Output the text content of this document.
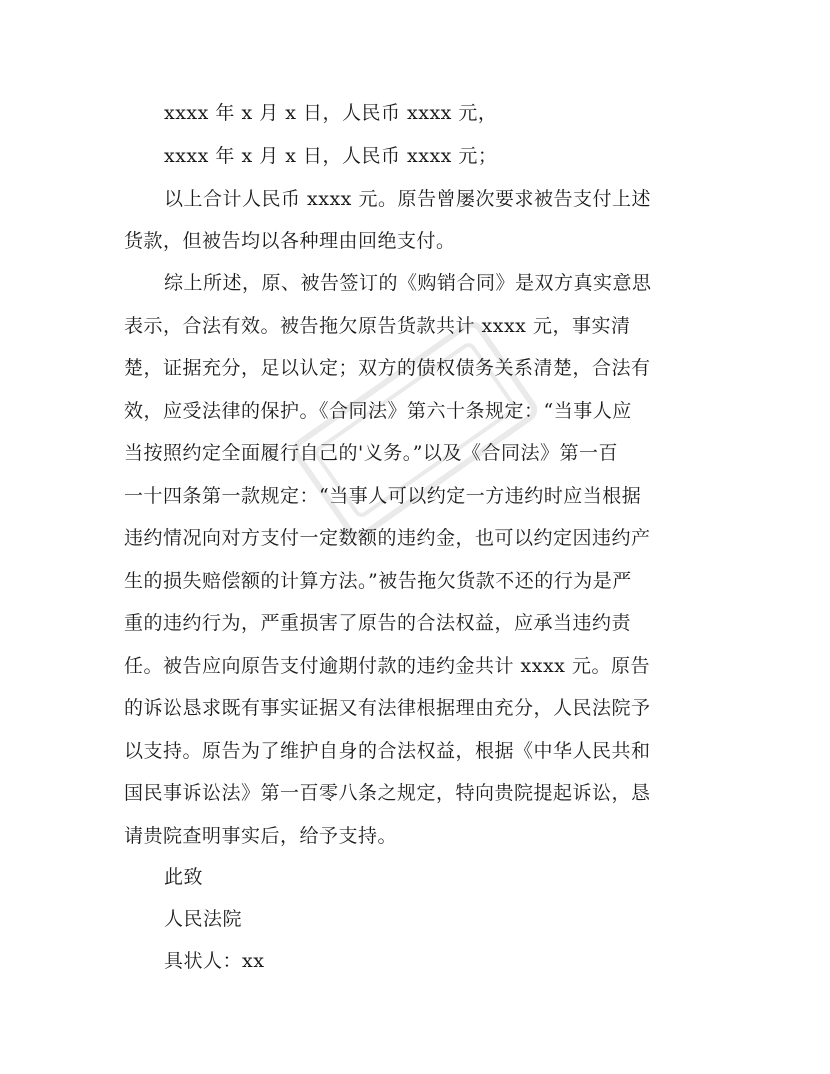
xxxx 年 x 月 x 日，人民币 xxxx 元，
xxxx 年 x 月 x 日，人民币 xxxx 元；
以上合计人民币 xxxx 元。原告曾屡次要求被告支付上述
货款，但被告均以各种理由回绝支付。
综上所述，原、被告签订的《购销合同》是双方真实意思
表示，合法有效。被告拖欠原告货款共计 xxxx 元，事实清
楚，证据充分，足以认定；双方的债权债务关系清楚，合法有
效，应受法律的保护。《合同法》第六十条规定：“当事人应
当按照约定全面履行自己的'义务。”以及《合同法》第一百
一十四条第一款规定：“当事人可以约定一方违约时应当根据
违约情况向对方支付一定数额的违约金，也可以约定因违约产
生的损失赔偿额的计算方法。”被告拖欠货款不还的行为是严
重的违约行为，严重损害了原告的合法权益，应承当违约责
任。被告应向原告支付逾期付款的违约金共计 xxxx 元。原告
的诉讼恳求既有事实证据又有法律根据理由充分，人民法院予
以支持。原告为了维护自身的合法权益，根据《中华人民共和
国民事诉讼法》第一百零八条之规定，特向贵院提起诉讼，恳
请贵院查明事实后，给予支持。
此致
人民法院
具状人：xx
